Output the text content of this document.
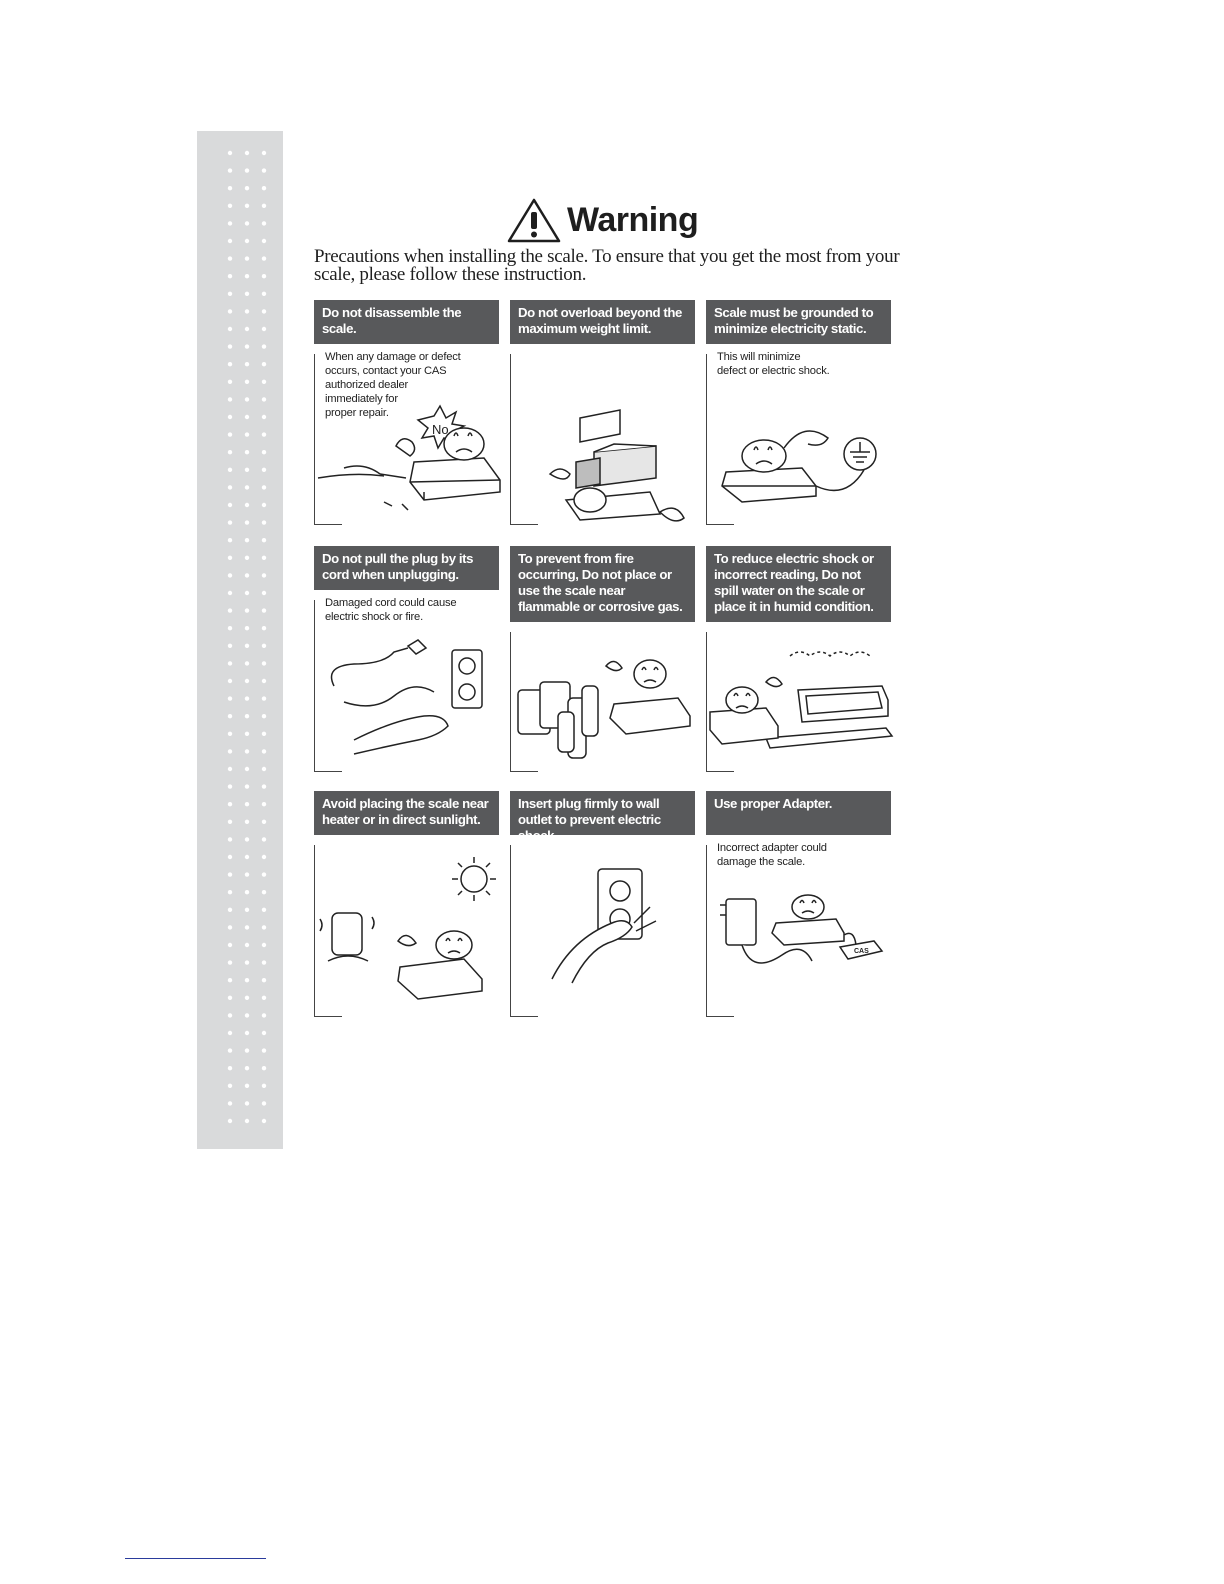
Warning
Precautions when installing the scale. To ensure that you get the most from your scale, please follow these instruction.
Do not disassemble the scale.
When any damage or defect
occurs, contact your CAS
authorized dealer
immediately for
proper repair.
No
Do not overload beyond the maximum weight limit.
Scale must be grounded to minimize electricity static.
This will minimize
defect or electric shock.
Do not pull the plug by its cord when unplugging.
Damaged cord could cause
electric shock or fire.
To prevent from fire occurring, Do not place or use the scale near flammable or corrosive gas.
To reduce electric shock or incorrect reading, Do not spill water on the scale or place it in humid condition.
Avoid placing the scale near heater or in direct sunlight.
Insert plug firmly to wall outlet to prevent electric shock.
Use proper Adapter.
Incorrect adapter could
damage the scale.
CAS
